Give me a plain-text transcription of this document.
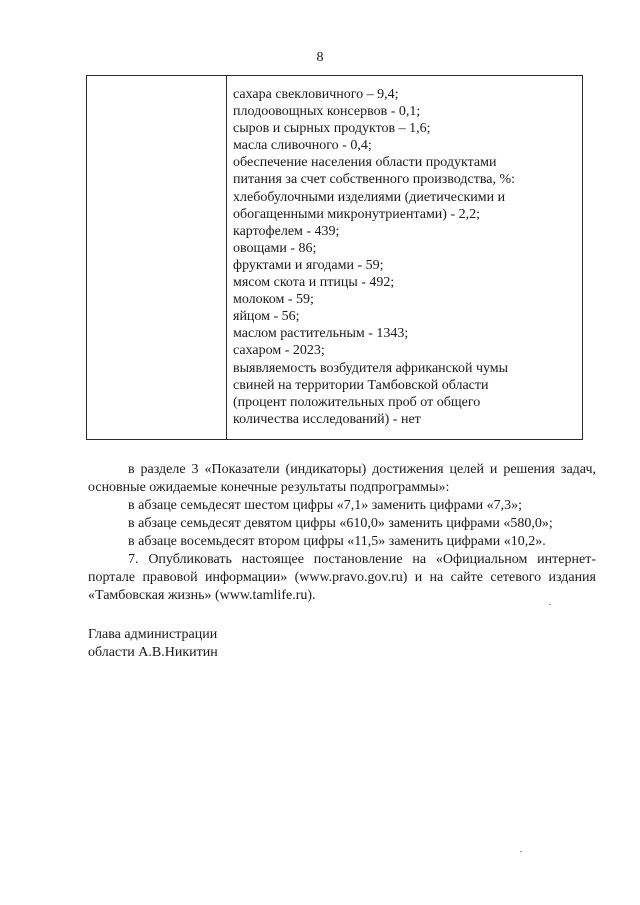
8
сахара свекловичного – 9,4;
плодоовощных консервов - 0,1;
сыров и сырных продуктов – 1,6;
масла сливочного - 0,4;
обеспечение населения области продуктами
питания за счет собственного производства, %:
хлебобулочными изделиями (диетическими и
обогащенными микронутриентами) - 2,2;
картофелем - 439;
овощами - 86;
фруктами и ягодами - 59;
мясом скота и птицы - 492;
молоком - 59;
яйцом - 56;
маслом растительным - 1343;
сахаром - 2023;
выявляемость возбудителя африканской чумы
свиней на территории Тамбовской области
(процент положительных проб от общего
количества исследований) - нет

в разделе 3 «Показатели (индикаторы) достижения целей и решения задач, основные ожидаемые конечные результаты подпрограммы»:

в абзаце семьдесят шестом цифры «7,1» заменить цифрами «7,3»;

в абзаце семьдесят девятом цифры «610,0» заменить цифрами «580,0»;

в абзаце восемьдесят втором цифры «11,5» заменить цифрами «10,2».

7. Опубликовать настоящее постановление на «Официальном интернет-портале правовой информации» (www.pravo.gov.ru) и на сайте сетевого издания «Тамбовская жизнь» (www.tamlife.ru).

Глава администрации
области А.В.Никитин
